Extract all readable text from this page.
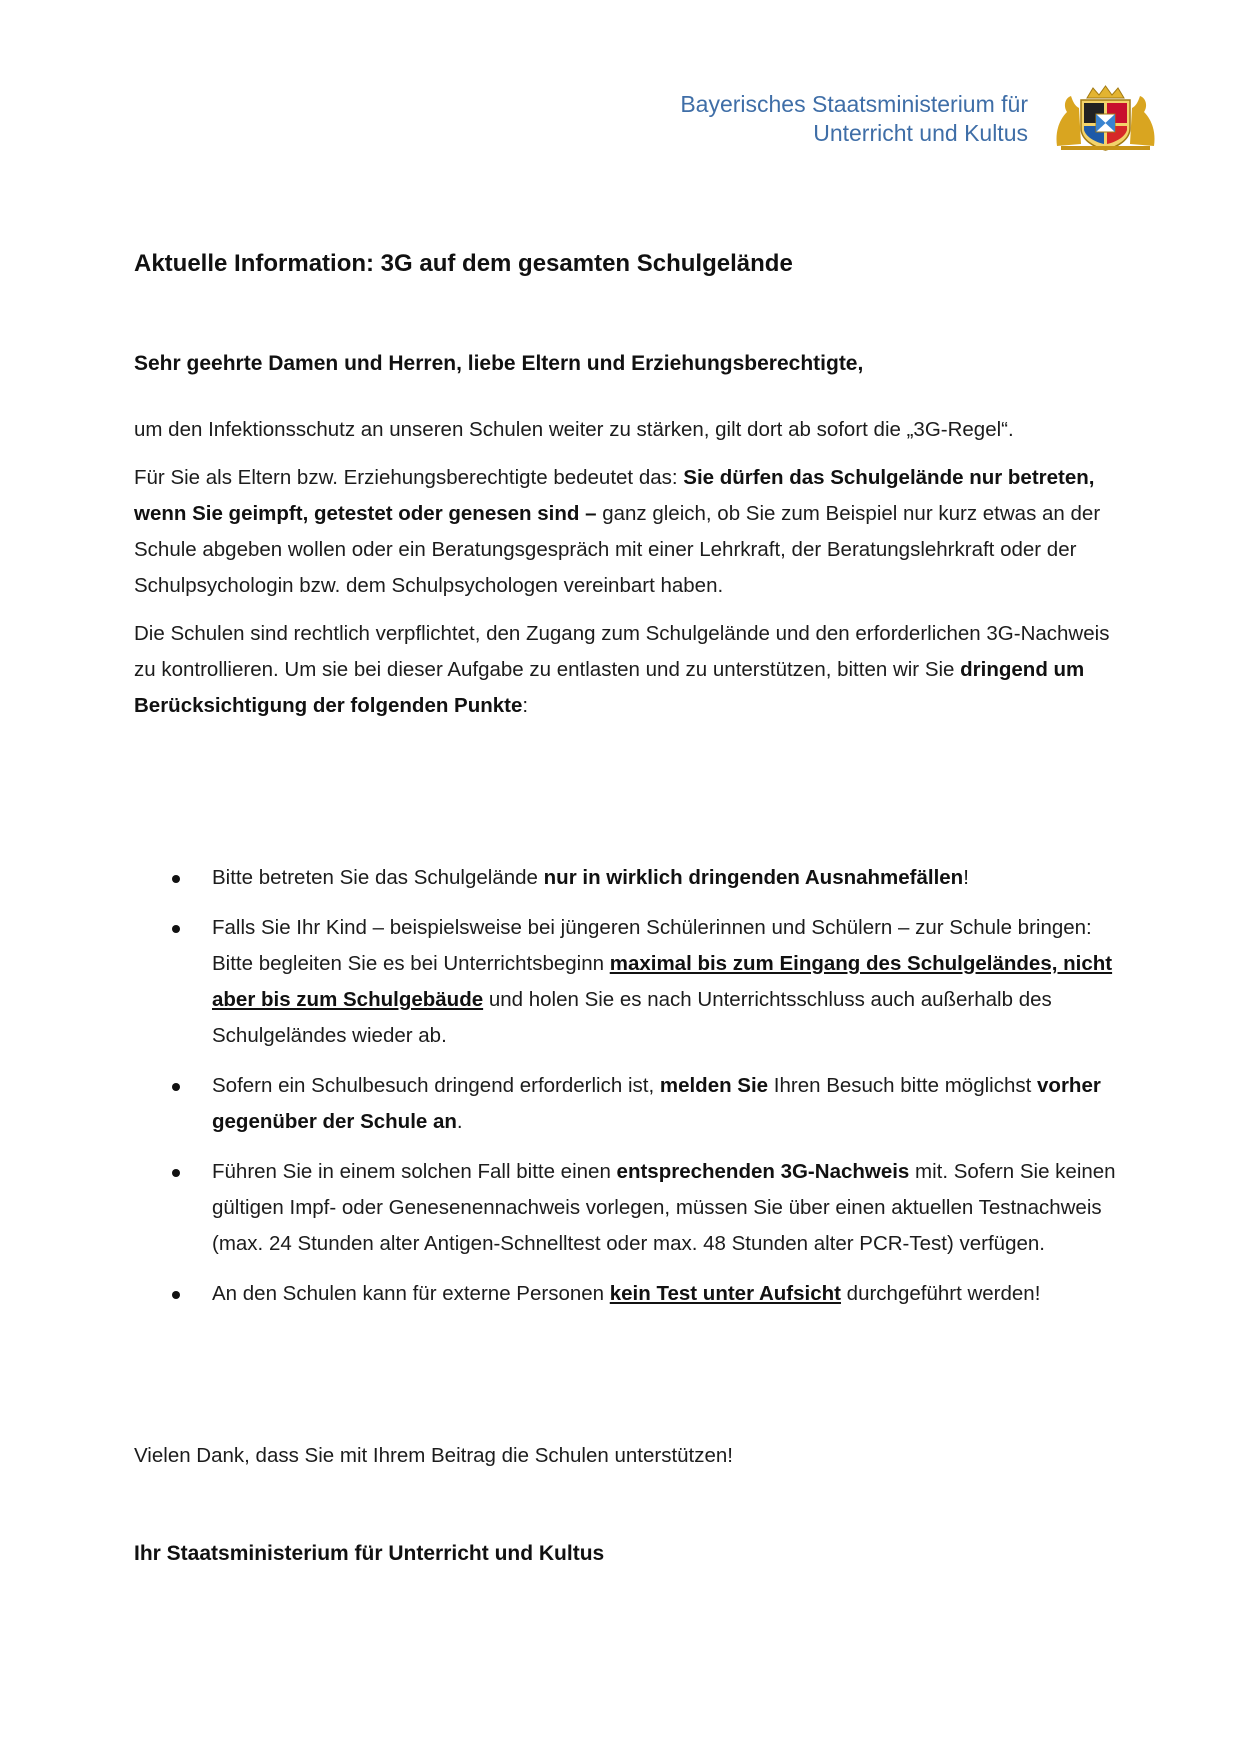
Bayerisches Staatsministerium für
Unterricht und Kultus
Aktuelle Information: 3G auf dem gesamten Schulgelände
Sehr geehrte Damen und Herren, liebe Eltern und Erziehungsberechtigte,

um den Infektionsschutz an unseren Schulen weiter zu stärken, gilt dort ab sofort die „3G-Regel“.

Für Sie als Eltern bzw. Erziehungsberechtigte bedeutet das: Sie dürfen das Schulgelände nur betreten, wenn Sie geimpft, getestet oder genesen sind – ganz gleich, ob Sie zum Beispiel nur kurz etwas an der Schule abgeben wollen oder ein Beratungsgespräch mit einer Lehrkraft, der Beratungslehrkraft oder der Schulpsychologin bzw. dem Schulpsychologen vereinbart haben.

Die Schulen sind rechtlich verpflichtet, den Zugang zum Schulgelände und den erforderlichen 3G-Nachweis zu kontrollieren. Um sie bei dieser Aufgabe zu entlasten und zu unterstützen, bitten wir Sie dringend um Berücksichtigung der folgenden Punkte:

Bitte betreten Sie das Schulgelände nur in wirklich dringenden Ausnahmefällen!
Falls Sie Ihr Kind – beispielsweise bei jüngeren Schülerinnen und Schülern – zur Schule bringen: Bitte begleiten Sie es bei Unterrichtsbeginn maximal bis zum Eingang des Schulgeländes, nicht aber bis zum Schulgebäude und holen Sie es nach Unterrichtsschluss auch außerhalb des Schulgeländes wieder ab.
Sofern ein Schulbesuch dringend erforderlich ist, melden Sie Ihren Besuch bitte möglichst vorher gegenüber der Schule an.
Führen Sie in einem solchen Fall bitte einen entsprechenden 3G-Nachweis mit. Sofern Sie keinen gültigen Impf- oder Genesenennachweis vorlegen, müssen Sie über einen aktuellen Testnachweis (max. 24 Stunden alter Antigen-Schnelltest oder max. 48 Stunden alter PCR-Test) verfügen.
An den Schulen kann für externe Personen kein Test unter Aufsicht durchgeführt werden!
Vielen Dank, dass Sie mit Ihrem Beitrag die Schulen unterstützen!
Ihr Staatsministerium für Unterricht und Kultus
